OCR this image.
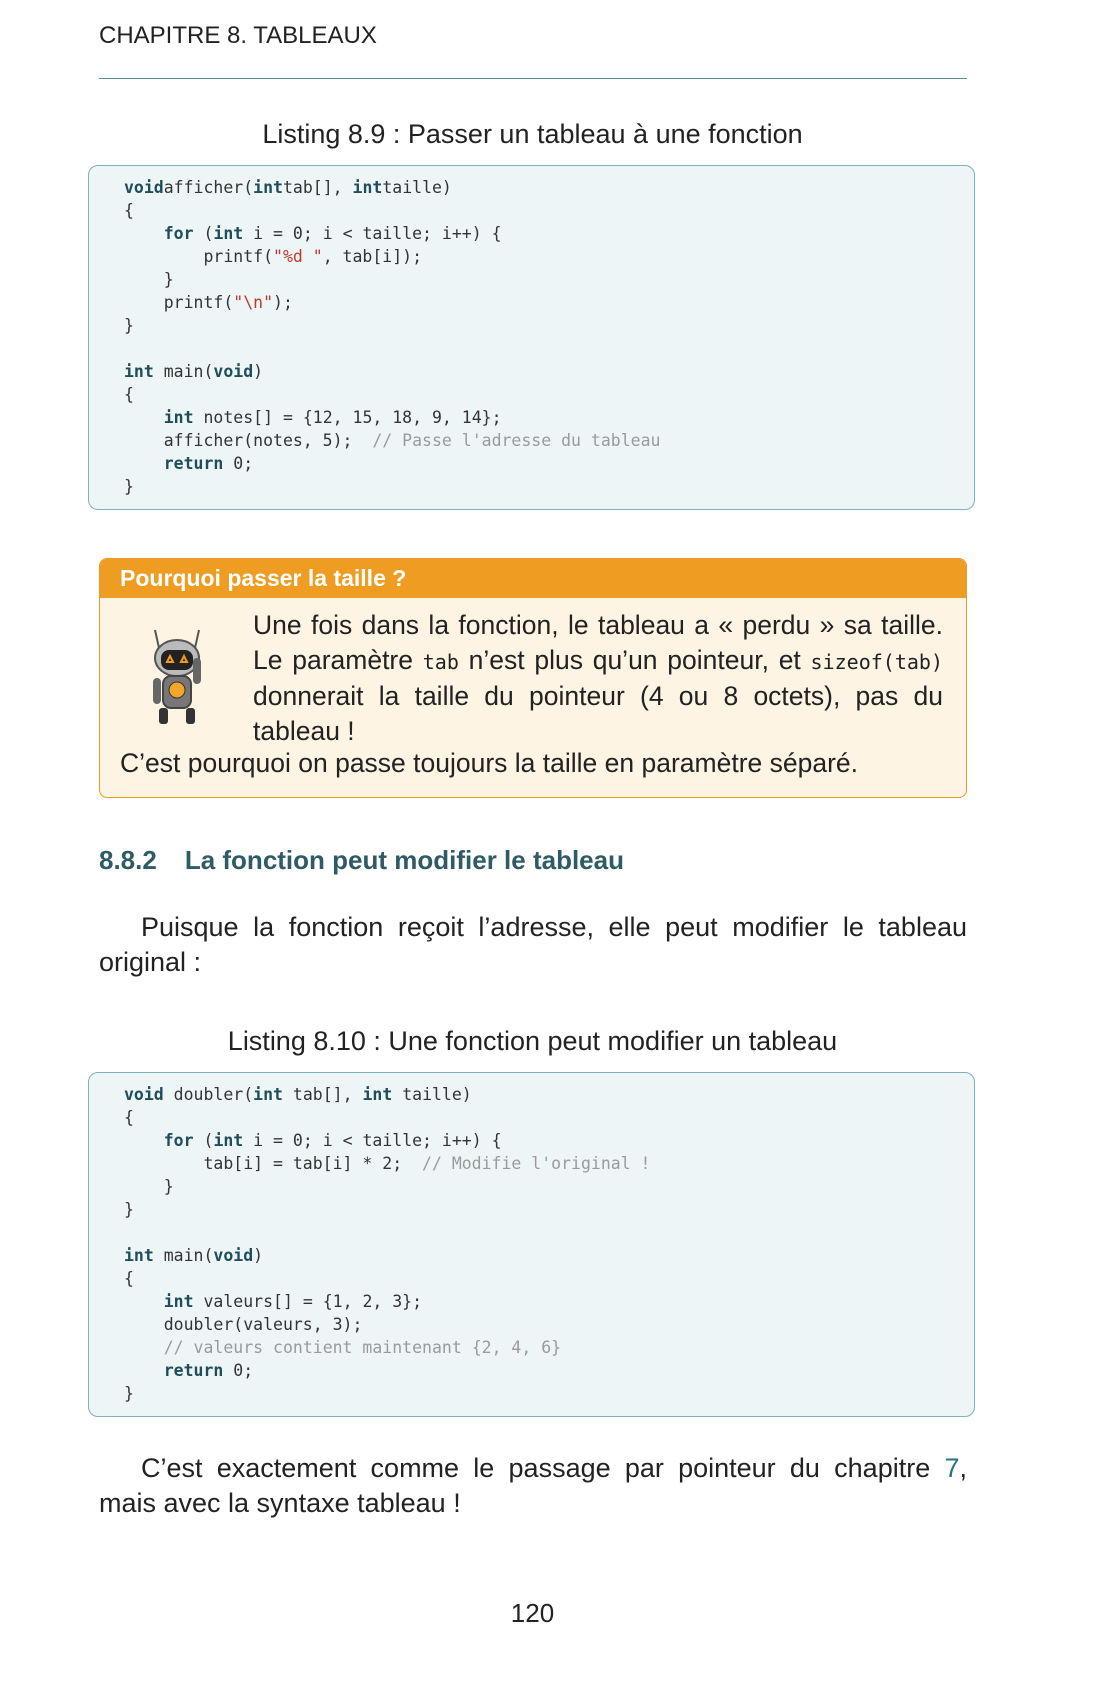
CHAPITRE 8. TABLEAUX
Listing 8.9 : Passer un tableau à une fonction
voidafficher(inttab[], inttaille)
{
for (int i = 0; i < taille; i++) {
printf("%d ", tab[i]);
}
printf("\n");
}

int main(void)
{
int notes[] = {12, 15, 18, 9, 14};
afficher(notes, 5);  // Passe l'adresse du tableau
return 0;
}
Pourquoi passer la taille ?
Une fois dans la fonction, le tableau a « perdu » sa taille. Le paramètre tab n’est plus qu’un pointeur, et sizeof(tab) donnerait la taille du pointeur (4 ou 8 octets), pas du tableau !
C’est pourquoi on passe toujours la taille en paramètre séparé.
8.8.2 La fonction peut modifier le tableau
Puisque la fonction reçoit l’adresse, elle peut modifier le tableau original :
Listing 8.10 : Une fonction peut modifier un tableau
void doubler(int tab[], int taille)
{
for (int i = 0; i < taille; i++) {
tab[i] = tab[i] * 2;  // Modifie l'original !
}
}

int main(void)
{
int valeurs[] = {1, 2, 3};
doubler(valeurs, 3);
// valeurs contient maintenant {2, 4, 6}
return 0;
}
C’est exactement comme le passage par pointeur du chapitre 7, mais avec la syntaxe tableau !
120
